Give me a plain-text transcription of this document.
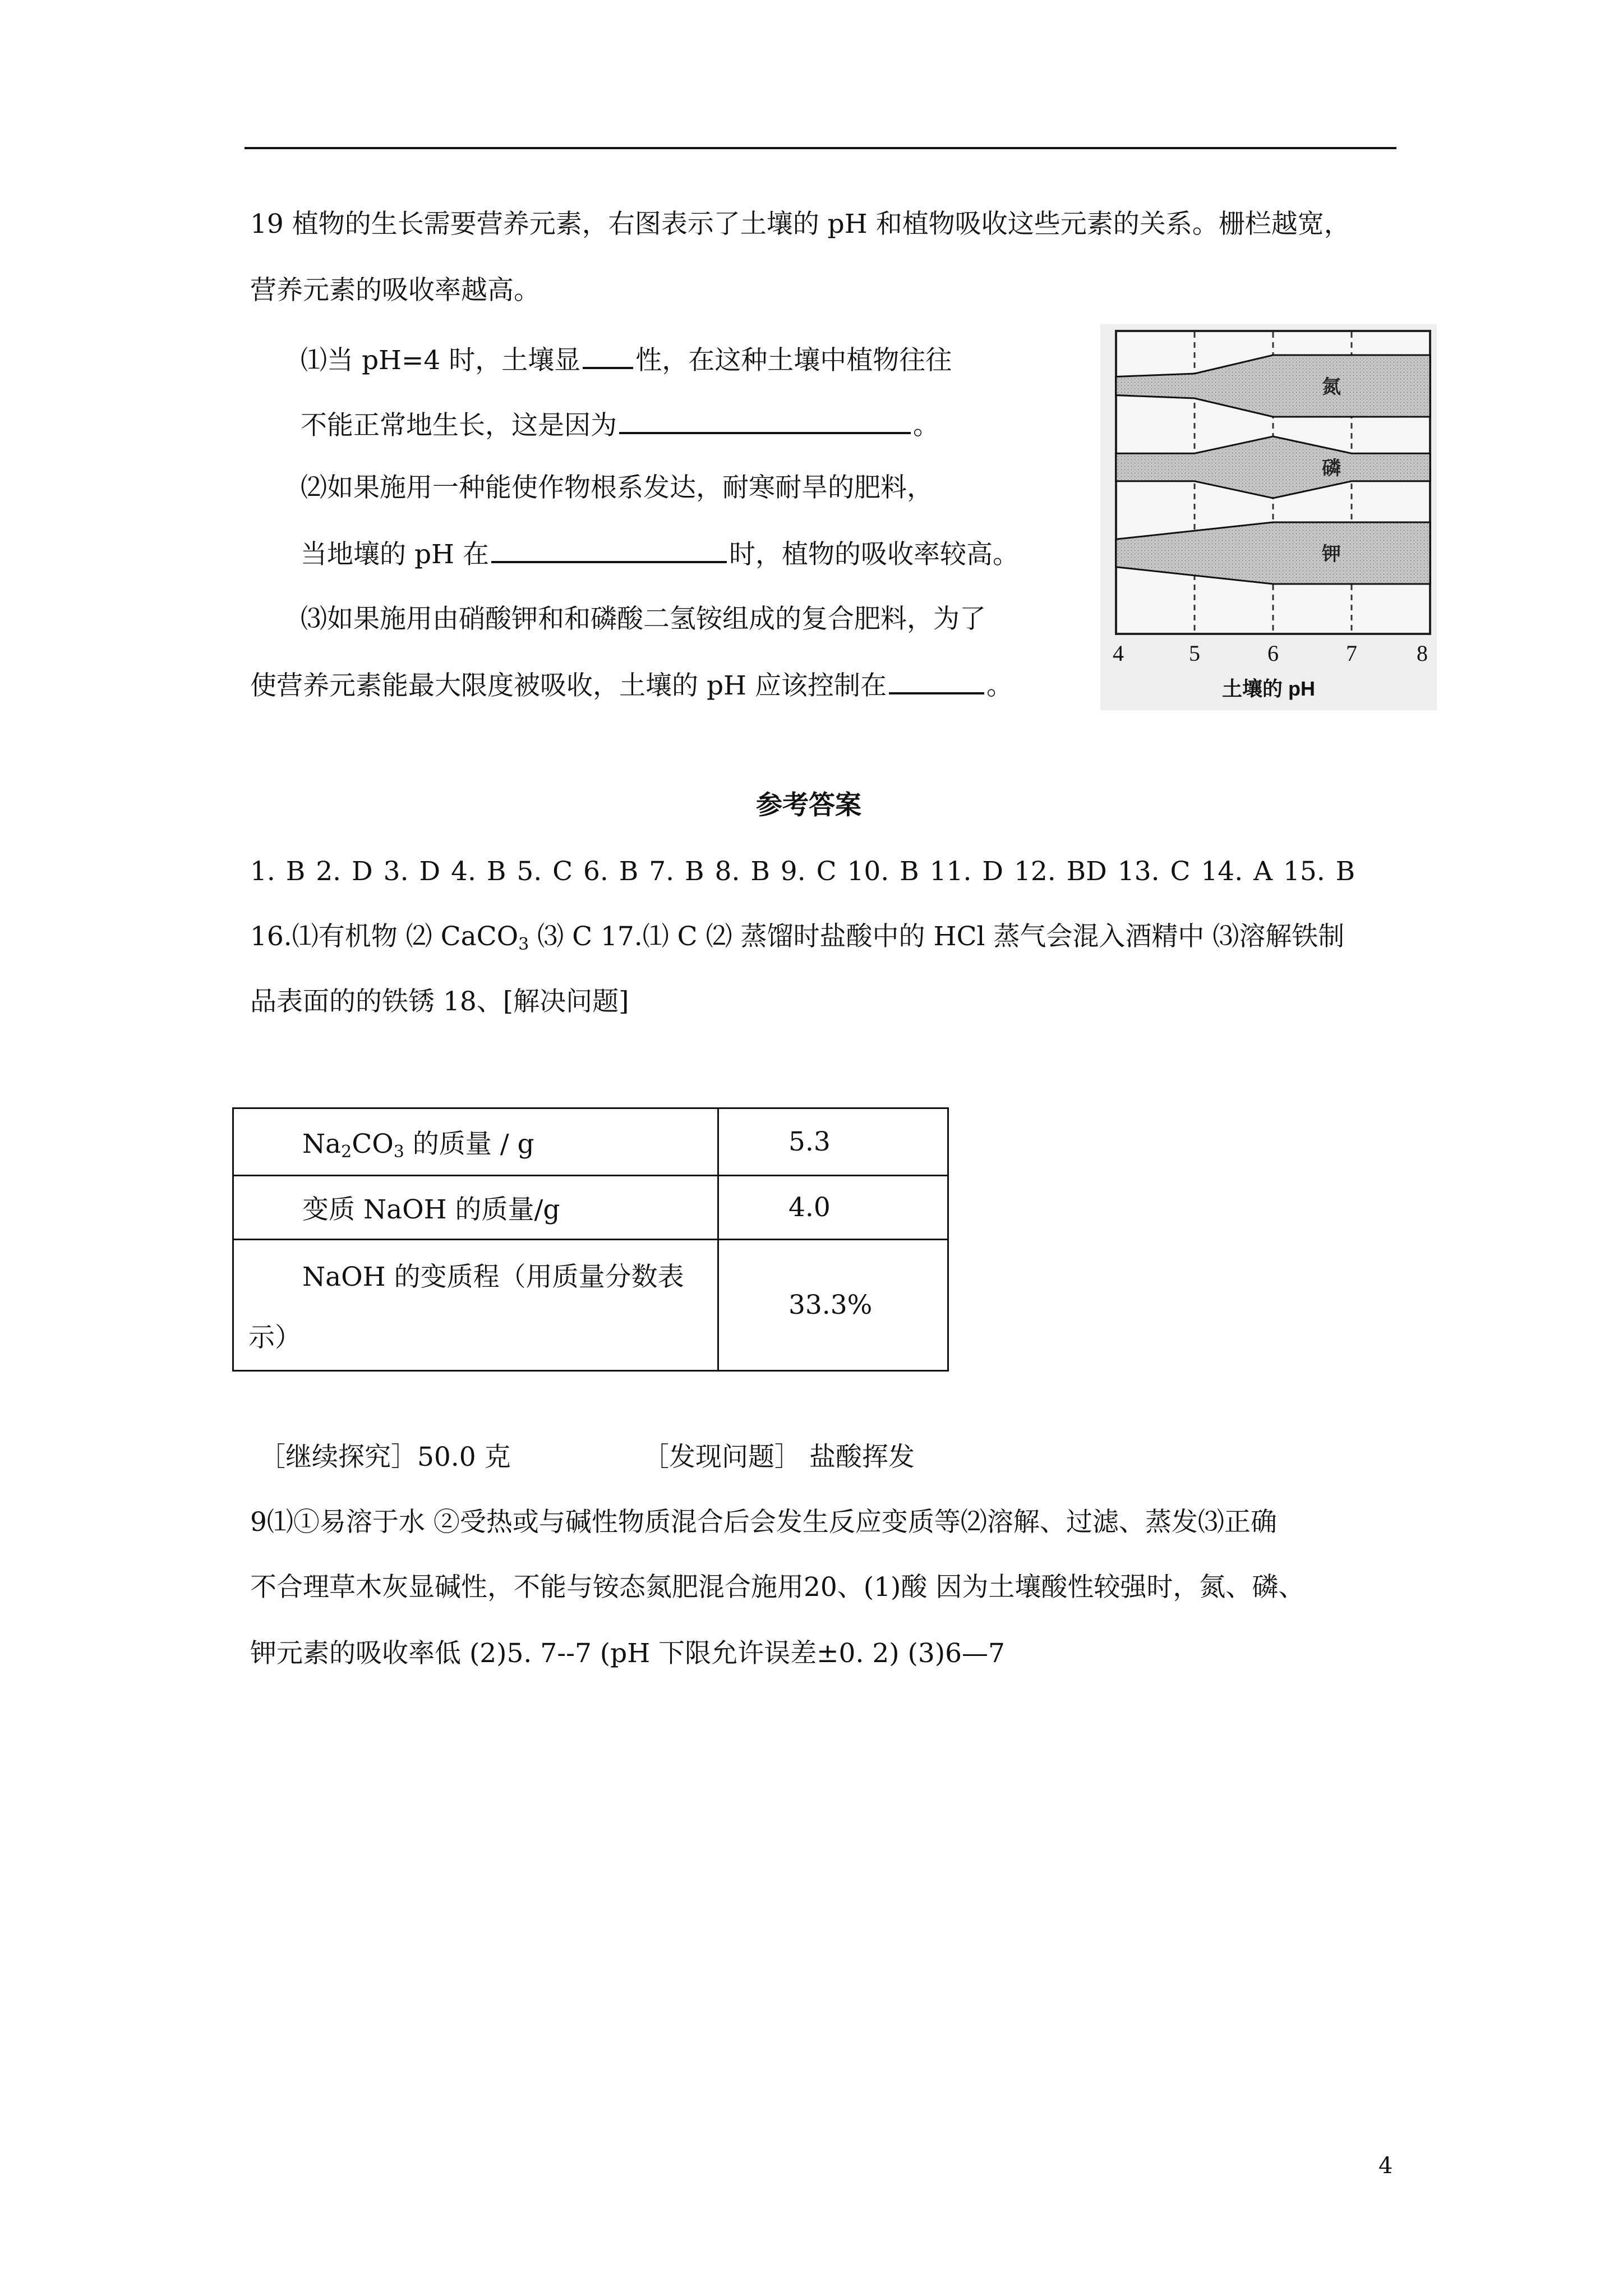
19 植物的生长需要营养元素，右图表示了土壤的 pH 和植物吸收这些元素的关系。栅栏越宽，
营养元素的吸收率越高。
⑴当 pH=4 时，土壤显 性，在这种土壤中植物往往
不能正常地生长，这是因为	。
⑵如果施用一种能使作物根系发达，耐寒耐旱的肥料，
当地壤的 pH 在	时，植物的吸收率较高。
⑶如果施用由硝酸钾和和磷酸二氢铵组成的复合肥料，为了
使营养元素能最大限度被吸收，土壤的 pH 应该控制在	。
氮
磷
钾
4	5	6	7	8
土壤的 pH
参考答案
1. B 2. D 3. D 4. B 5. C 6. B 7. B 8. B 9. C 10. B 11. D 12. BD 13. C 14. A 15. B
16.⑴有机物 ⑵ CaCO$_3$ ⑶ C 17.⑴ C ⑵ 蒸馏时盐酸中的 HCl 蒸气会混入酒精中 ⑶溶解铁制
品表面的的铁锈 18、[解决问题]
$Na_2CO_3$ 的质量 / g	5.3

变质 NaOH 的质量/g	4.0

NaOH 的变质程（用质量分数表
示）	33.3%
［继续探究］50.0 克	［发现问题］ 盐酸挥发
9⑴①易溶于水 ②受热或与碱性物质混合后会发生反应变质等⑵溶解、过滤、蒸发⑶正确
不合理草木灰显碱性，不能与铵态氮肥混合施用20、(1)酸 因为土壤酸性较强时，氮、磷、
钾元素的吸收率低 (2)5. 7--7 (pH 下限允许误差±0. 2) (3)6—7
4
